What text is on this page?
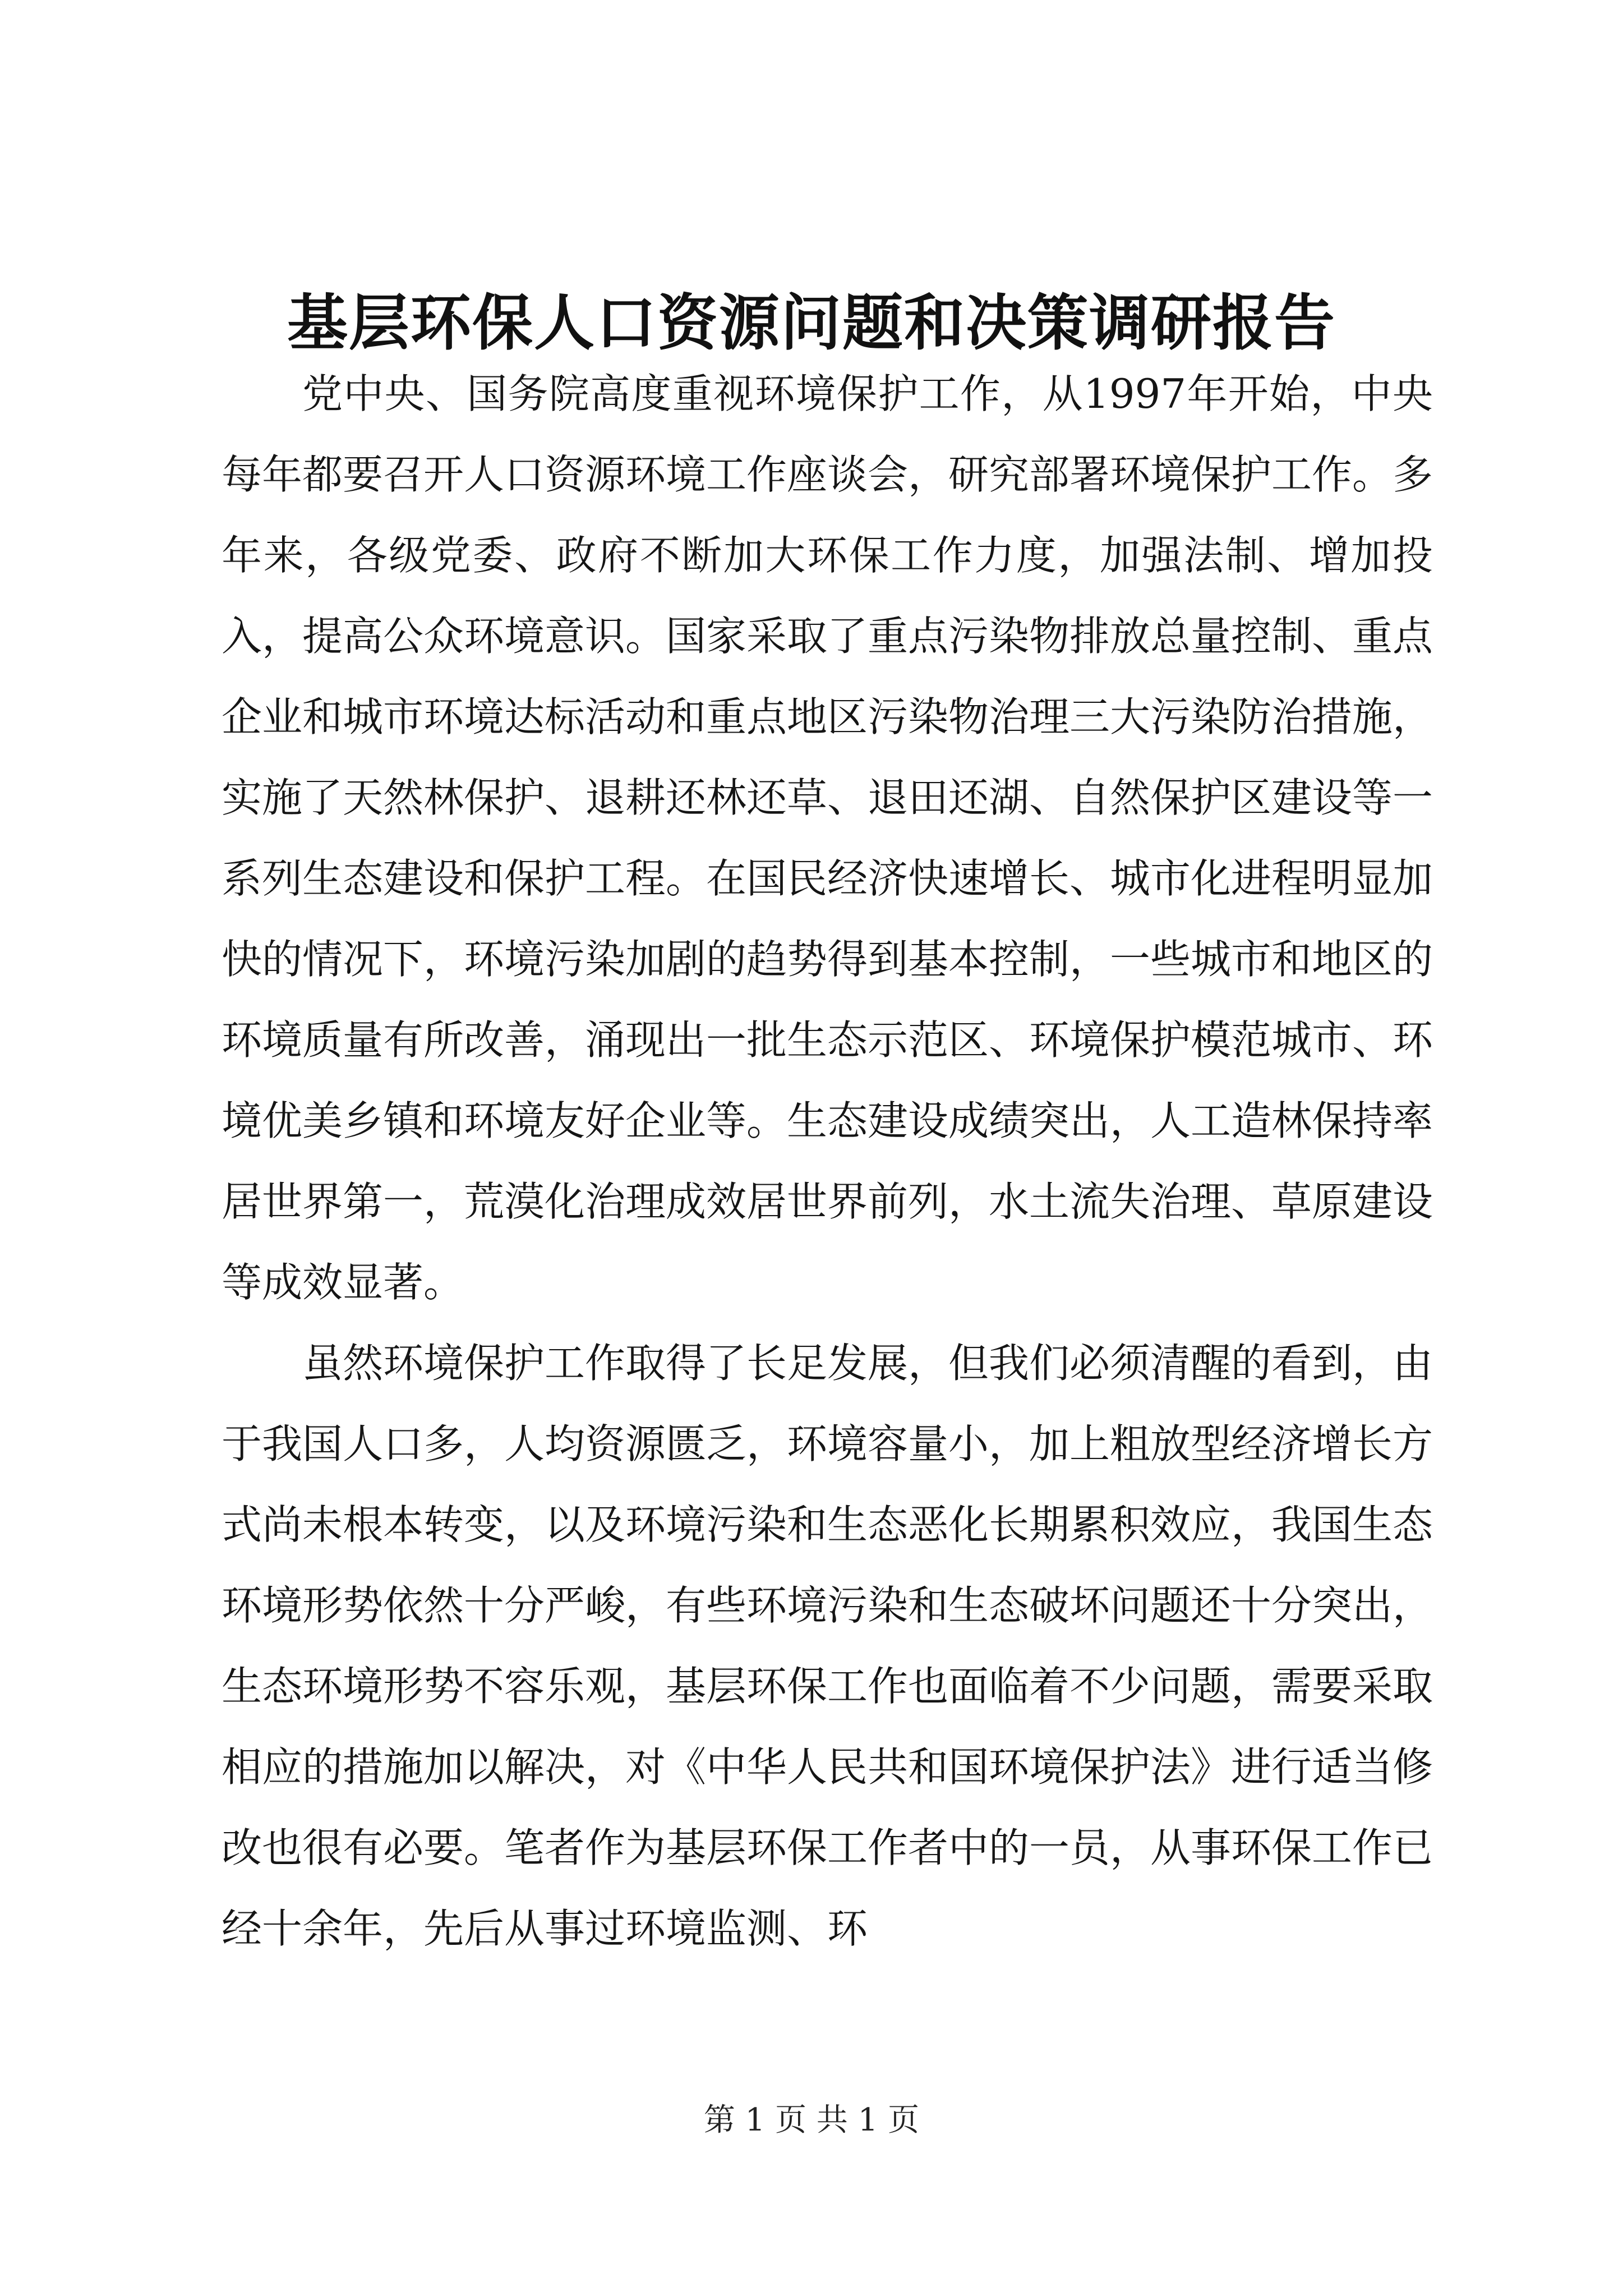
基层环保人口资源问题和决策调研报告

党中央、国务院高度重视环境保护工作，从1997年开始，中央每年都要召开人口资源环境工作座谈会，研究部署环境保护工作。多年来，各级党委、政府不断加大环保工作力度，加强法制、增加投入，提高公众环境意识。国家采取了重点污染物排放总量控制、重点企业和城市环境达标活动和重点地区污染物治理三大污染防治措施，实施了天然林保护、退耕还林还草、退田还湖、自然保护区建设等一系列生态建设和保护工程。在国民经济快速增长、城市化进程明显加快的情况下，环境污染加剧的趋势得到基本控制，一些城市和地区的环境质量有所改善，涌现出一批生态示范区、环境保护模范城市、环境优美乡镇和环境友好企业等。生态建设成绩突出，人工造林保持率居世界第一，荒漠化治理成效居世界前列，水土流失治理、草原建设等成效显著。

虽然环境保护工作取得了长足发展，但我们必须清醒的看到，由于我国人口多，人均资源匮乏，环境容量小，加上粗放型经济增长方式尚未根本转变，以及环境污染和生态恶化长期累积效应，我国生态环境形势依然十分严峻，有些环境污染和生态破坏问题还十分突出，生态环境形势不容乐观，基层环保工作也面临着不少问题，需要采取相应的措施加以解决，对《中华人民共和国环境保护法》进行适当修改也很有必要。笔者作为基层环保工作者中的一员，从事环保工作已经十余年，先后从事过环境监测、环

第 1 页 共 1 页
